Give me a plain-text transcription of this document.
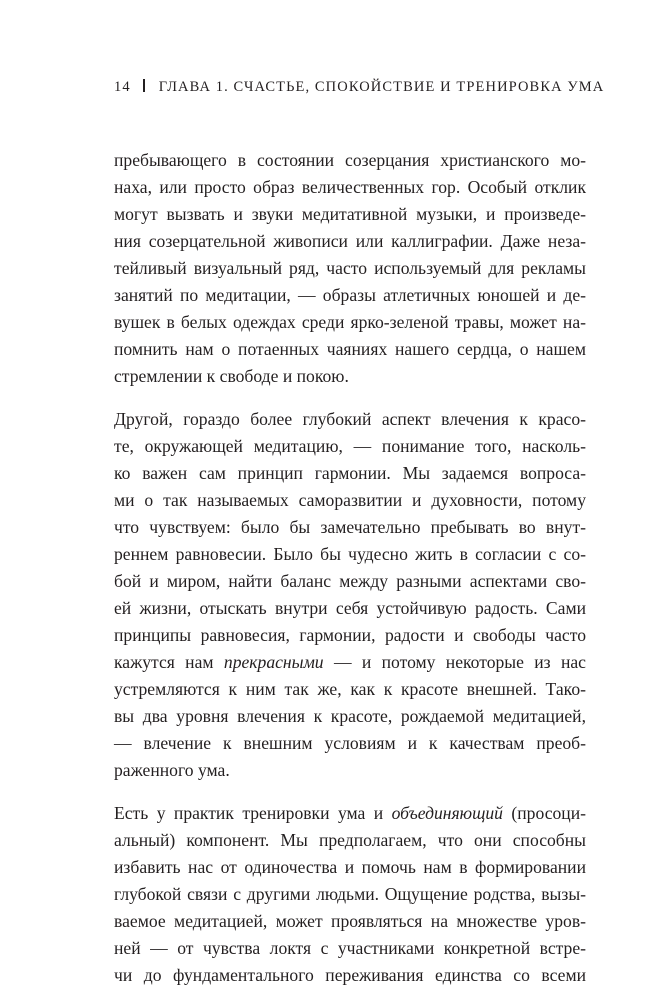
14 ГЛАВА 1. СЧАСТЬЕ, СПОКОЙСТВИЕ И ТРЕНИРОВКА УМА
пребывающего в состоянии созерцания христианского мо-
наха, или просто образ величественных гор. Особый отклик
могут вызвать и звуки медитативной музыки, и произведе-
ния созерцательной живописи или каллиграфии. Даже неза-
тейливый визуальный ряд, часто используемый для рекламы
занятий по медитации, — образы атлетичных юношей и де-
вушек в белых одеждах среди ярко-зеленой травы, может на-
помнить нам о потаенных чаяниях нашего сердца, о нашем
стремлении к свободе и покою.
Другой, гораздо более глубокий аспект влечения к красо-
те, окружающей медитацию, — понимание того, насколь-
ко важен сам принцип гармонии. Мы задаемся вопроса-
ми о так называемых саморазвитии и духовности, потому
что чувствуем: было бы замечательно пребывать во внут-
реннем равновесии. Было бы чудесно жить в согласии с со-
бой и миром, найти баланс между разными аспектами сво-
ей жизни, отыскать внутри себя устойчивую радость. Сами
принципы равновесия, гармонии, радости и свободы часто
кажутся нам прекрасными — и потому некоторые из нас
устремляются к ним так же, как к красоте внешней. Тако-
вы два уровня влечения к красоте, рождаемой медитацией,
— влечение к внешним условиям и к качествам преоб-
раженного ума.
Есть у практик тренировки ума и объединяющий (просоци-
альный) компонент. Мы предполагаем, что они способны
избавить нас от одиночества и помочь нам в формировании
глубокой связи с другими людьми. Ощущение родства, вызы-
ваемое медитацией, может проявляться на множестве уров-
ней — от чувства локтя с участниками конкретной встре-
чи до фундаментального переживания единства со всеми
